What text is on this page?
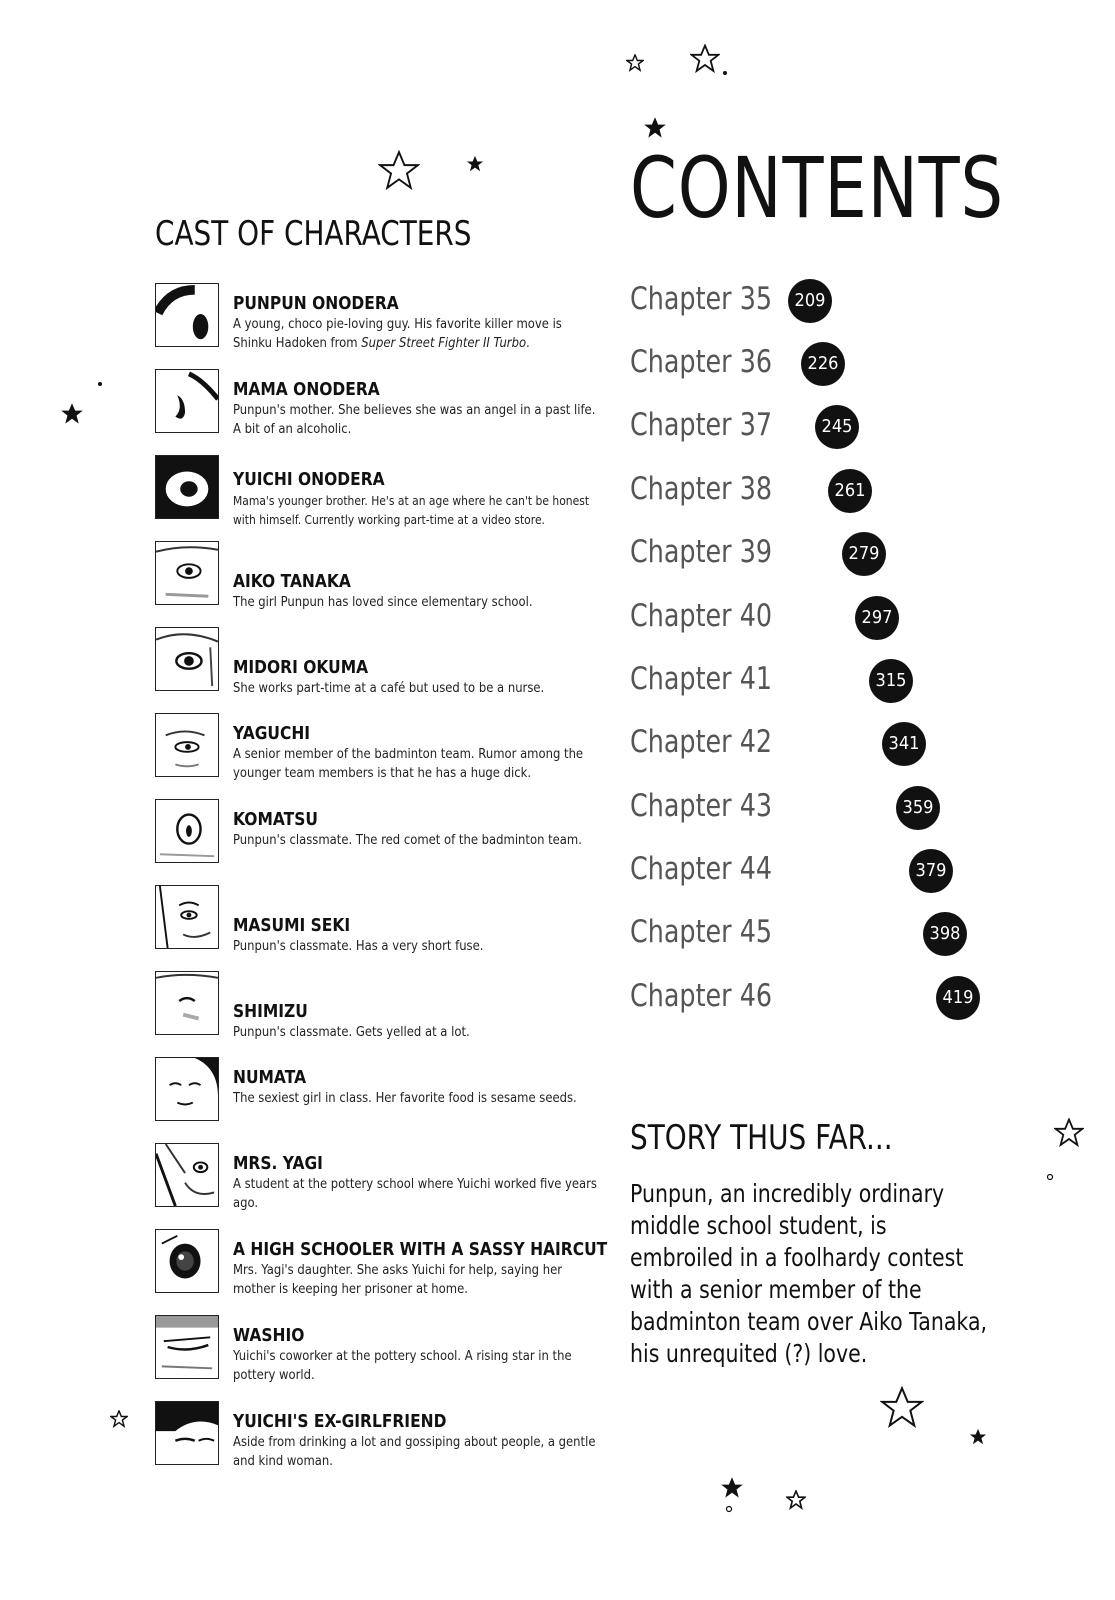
CAST OF CHARACTERS
PUNPUN ONODERA
A young, choco pie-loving guy. His favorite killer move is Shinku Hadoken from Super Street Fighter II Turbo.
MAMA ONODERA
Punpun's mother. She believes she was an angel in a past life. A bit of an alcoholic.
YUICHI ONODERA
Mama's younger brother. He's at an age where he can't be honest with himself. Currently working part-time at a video store.
AIKO TANAKA
The girl Punpun has loved since elementary school.
MIDORI OKUMA
She works part-time at a café but used to be a nurse.
YAGUCHI
A senior member of the badminton team. Rumor among the younger team members is that he has a huge dick.
KOMATSU
Punpun's classmate. The red comet of the badminton team.
MASUMI SEKI
Punpun's classmate. Has a very short fuse.
SHIMIZU
Punpun's classmate. Gets yelled at a lot.
NUMATA
The sexiest girl in class. Her favorite food is sesame seeds.
MRS. YAGI
A student at the pottery school where Yuichi worked five years ago.
A HIGH SCHOOLER WITH A SASSY HAIRCUT
Mrs. Yagi's daughter. She asks Yuichi for help, saying her mother is keeping her prisoner at home.
WASHIO
Yuichi's coworker at the pottery school. A rising star in the pottery world.
YUICHI'S EX-GIRLFRIEND
Aside from drinking a lot and gossiping about people, a gentle and kind woman.
CONTENTS
Chapter 35	209
Chapter 36	226
Chapter 37	245
Chapter 38	261
Chapter 39	279
Chapter 40	297
Chapter 41	315
Chapter 42	341
Chapter 43	359
Chapter 44	379
Chapter 45	398
Chapter 46	419
STORY THUS FAR...

Punpun, an incredibly ordinary middle school student, is embroiled in a foolhardy contest with a senior member of the badminton team over Aiko Tanaka, his unrequited (?) love.
